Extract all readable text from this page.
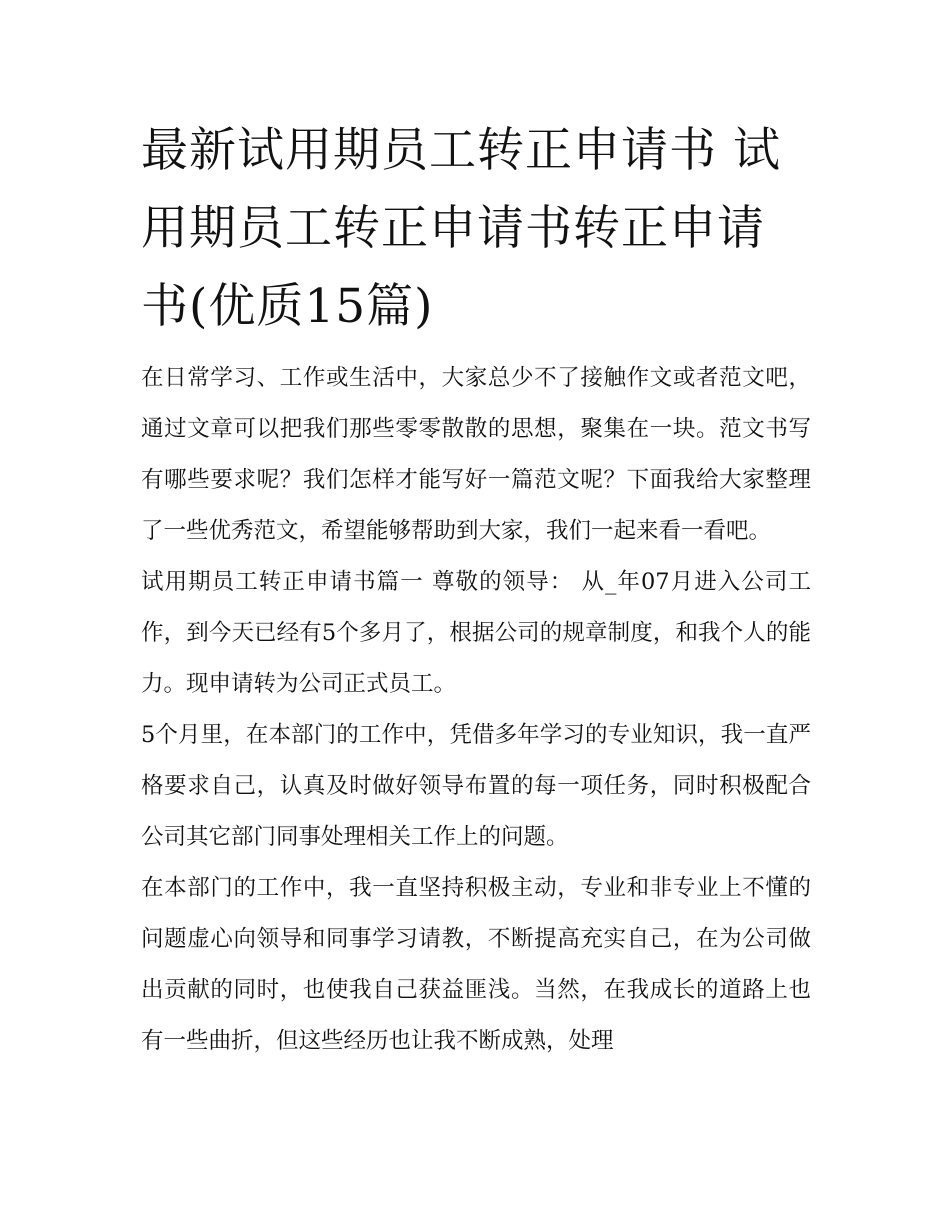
最新试用期员工转正申请书 试用期员工转正申请书转正申请书(优质15篇)

在日常学习、工作或生活中，大家总少不了接触作文或者范文吧，通过文章可以把我们那些零零散散的思想，聚集在一块。范文书写有哪些要求呢？我们怎样才能写好一篇范文呢？下面我给大家整理了一些优秀范文，希望能够帮助到大家，我们一起来看一看吧。

试用期员工转正申请书篇一 尊敬的领导： 从_年07月进入公司工作，到今天已经有5个多月了，根据公司的规章制度，和我个人的能力。现申请转为公司正式员工。

5个月里，在本部门的工作中，凭借多年学习的专业知识，我一直严格要求自己，认真及时做好领导布置的每一项任务，同时积极配合公司其它部门同事处理相关工作上的问题。

在本部门的工作中，我一直坚持积极主动，专业和非专业上不懂的问题虚心向领导和同事学习请教，不断提高充实自己，在为公司做出贡献的同时，也使我自己获益匪浅。当然，在我成长的道路上也有一些曲折，但这些经历也让我不断成熟，处理
